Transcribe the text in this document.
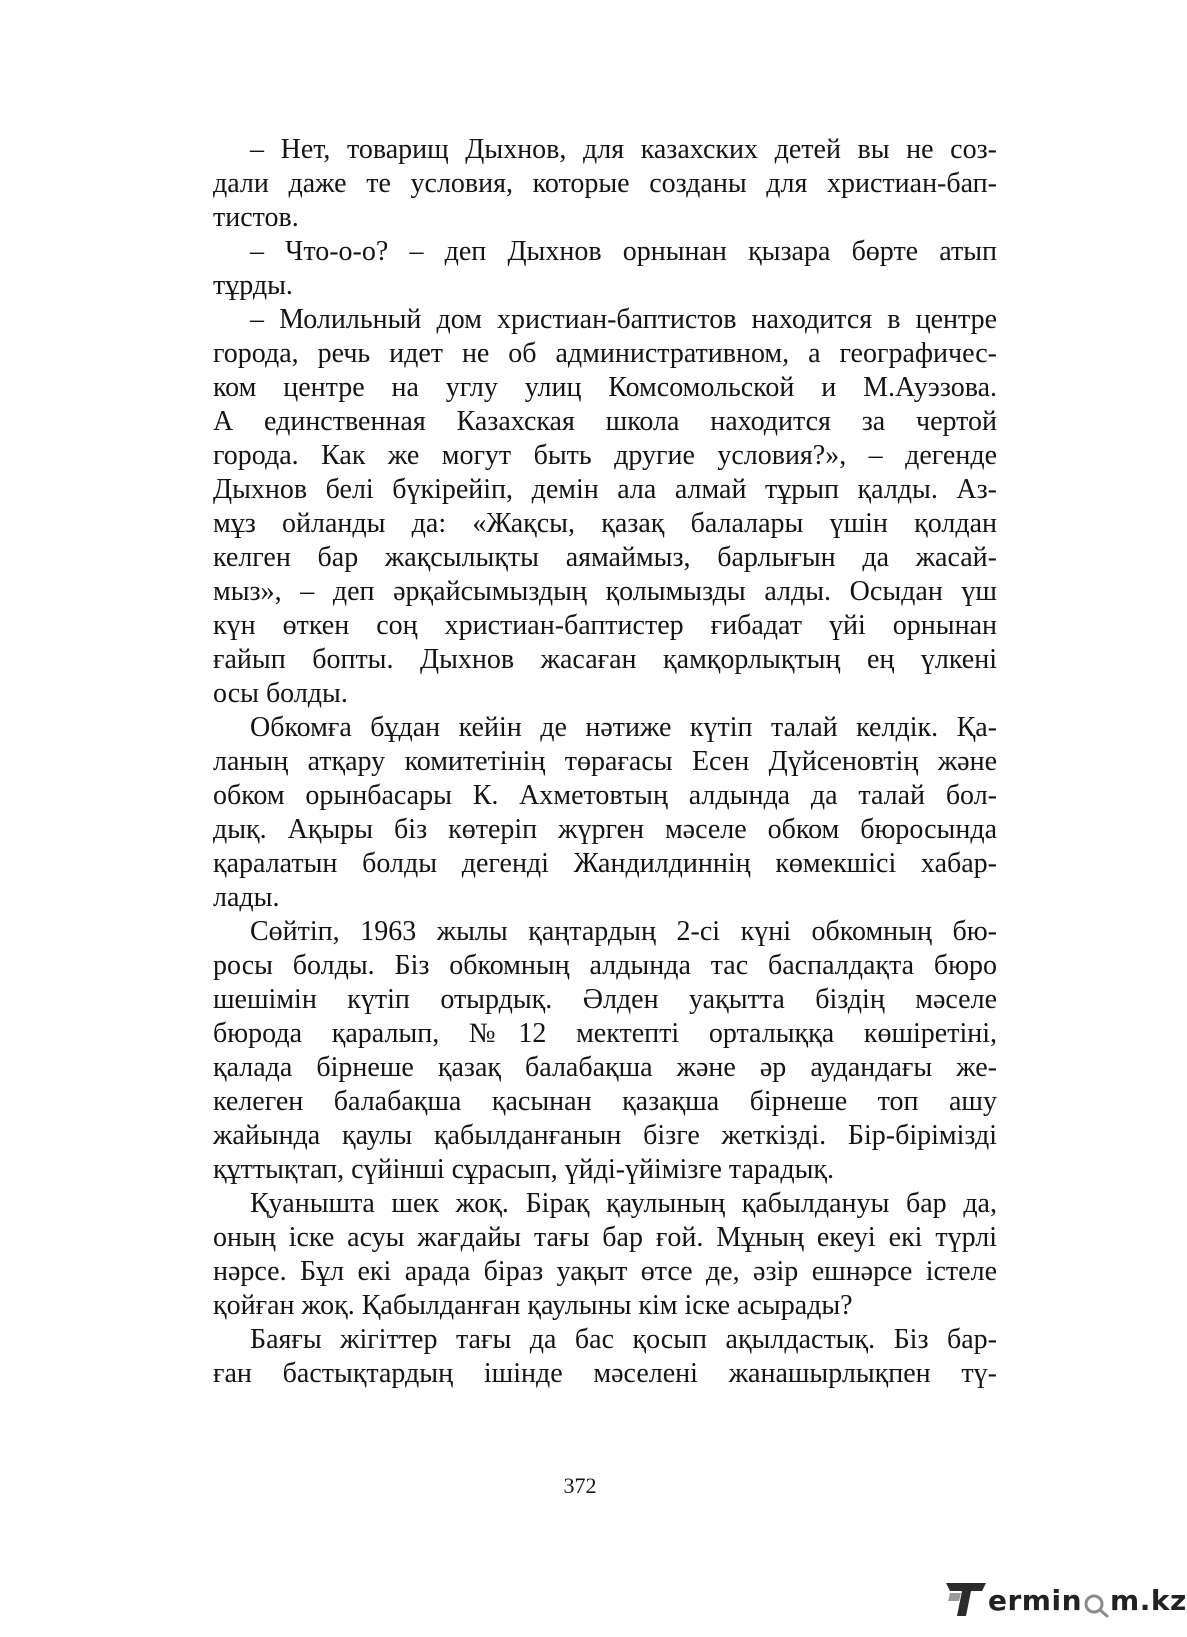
– Нет, товарищ Дыхнов, для казахских детей вы не соз-
дали даже те условия, которые созданы для христиан-бап-
тистов.
– Что-о-о? – деп Дыхнов орнынан қызара бөрте атып
тұрды.
– Молильный дом христиан-баптистов находится в центре
города, речь идет не об административном, а географичес-
ком центре на углу улиц Комсомольской и М.Ауэзова.
А единственная Казахская школа находится за чертой
города. Как же могут быть другие условия?», – дегенде
Дыхнов белі бүкірейіп, демін ала алмай тұрып қалды. Аз-
мұз ойланды да: «Жақсы, қазақ балалары үшін қолдан
келген бар жақсылықты аямаймыз, барлығын да жасай-
мыз», – деп әрқайсымыздың қолымызды алды. Осыдан үш
күн өткен соң христиан-баптистер ғибадат үйі орнынан
ғайып бопты. Дыхнов жасаған қамқорлықтың ең үлкені
осы болды.
Обкомға бұдан кейін де нәтиже күтіп талай келдік. Қа-
ланың атқару комитетінің төрағасы Есен Дүйсеновтің және
обком орынбасары К. Ахметовтың алдында да талай бол-
дық. Ақыры біз көтеріп жүрген мәселе обком бюросында
қаралатын болды дегенді Жандилдиннің көмекшісі хабар-
лады.
Сөйтіп, 1963 жылы қаңтардың 2-сі күні обкомның бю-
росы болды. Біз обкомның алдында тас баспалдақта бюро
шешімін күтіп отырдық. Әлден уақытта біздің мәселе
бюрода қаралып, №12 мектепті орталыққа көшіретіні,
қалада бірнеше қазақ балабақша және әр аудандағы же-
келеген балабақша қасынан қазақша бірнеше топ ашу
жайында қаулы қабылданғанын бізге жеткізді. Бір-бірімізді
құттықтап, сүйінші сұрасып, үйді-үйімізге тарадық.
Қуаныштa шек жоқ. Бірақ қаулының қабылдануы бар да,
оның іске асуы жағдайы тағы бар ғой. Мұның екеуі екі түрлі
нәрсе. Бұл екі арада біраз уақыт өтсе де, әзір ешнәрсе істеле
қойған жоқ. Қабылданған қаулыны кім іске асырады?
Баяғы жігіттер тағы да бас қосып ақылдастық. Біз бар-
ған бастықтардың ішінде мәселені жанашырлықпен тү-
372
ermin m.kz
